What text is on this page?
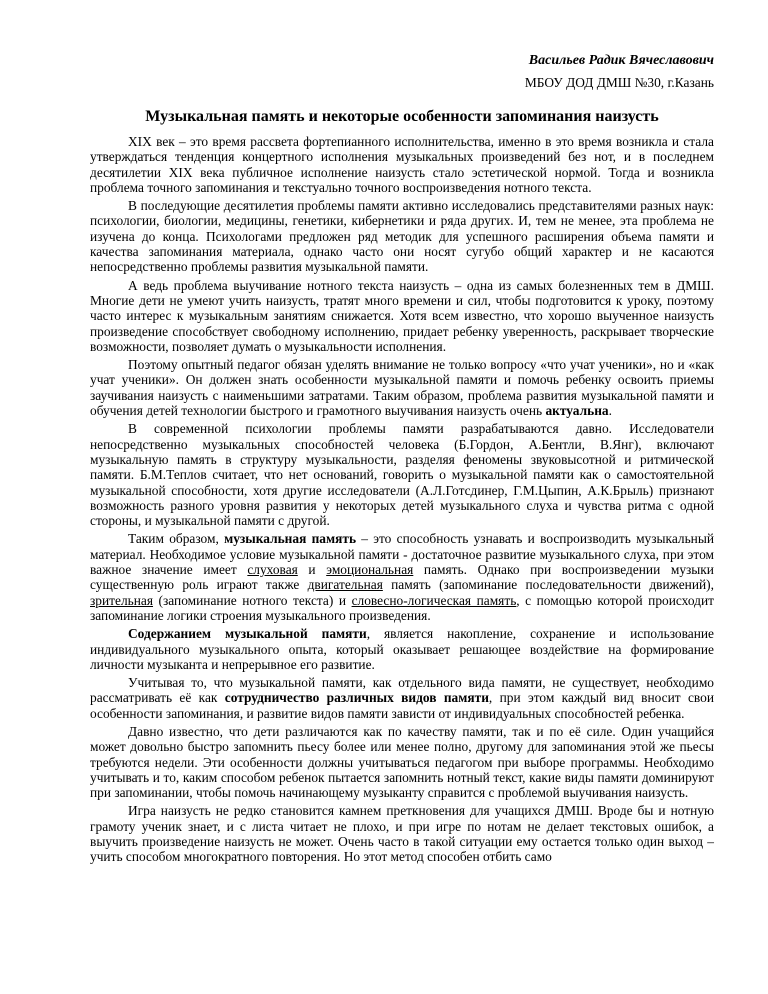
Васильев Радик Вячеславович

МБОУ ДОД ДМШ №30, г.Казань

Музыкальная память и некоторые особенности запоминания наизусть

XIX век – это время рассвета фортепианного исполнительства, именно в это время возникла и стала утверждаться тенденция концертного исполнения музыкальных произведений без нот, и в последнем десятилетии XIX века публичное исполнение наизусть стало эстетической нормой. Тогда и возникла проблема точного запоминания и текстуально точного воспроизведения нотного текста.

В последующие десятилетия проблемы памяти активно исследовались представителями разных наук: психологии, биологии, медицины, генетики, кибернетики и ряда других. И, тем не менее, эта проблема не изучена до конца. Психологами предложен ряд методик для успешного расширения объема памяти и качества запоминания материала, однако часто они носят сугубо общий характер и не касаются непосредственно проблемы развития музыкальной памяти.

А ведь проблема выучивание нотного текста наизусть – одна из самых болезненных тем в ДМШ. Многие дети не умеют учить наизусть, тратят много времени и сил, чтобы подготовится к уроку, поэтому часто интерес к музыкальным занятиям снижается. Хотя всем известно, что хорошо выученное наизусть произведение способствует свободному исполнению, придает ребенку уверенность, раскрывает творческие возможности, позволяет думать о музыкальности исполнения.

Поэтому опытный педагог обязан уделять внимание не только вопросу «что учат ученики», но и «как учат ученики». Он должен знать особенности музыкальной памяти и помочь ребенку освоить приемы заучивания наизусть с наименьшими затратами. Таким образом, проблема развития музыкальной памяти и обучения детей технологии быстрого и грамотного выучивания наизусть очень актуальна.

В современной психологии проблемы памяти разрабатываются давно. Исследователи непосредственно музыкальных способностей человека (Б.Гордон, А.Бентли, В.Янг), включают музыкальную память в структуру музыкальности, разделяя феномены звуковысотной и ритмической памяти. Б.М.Теплов считает, что нет оснований, говорить о музыкальной памяти как о самостоятельной музыкальной способности, хотя другие исследователи (А.Л.Готсдинер, Г.М.Цыпин, А.К.Брыль) признают возможность разного уровня развития у некоторых детей музыкального слуха и чувства ритма с одной стороны, и музыкальной памяти с другой.

Таким образом, музыкальная память – это способность узнавать и воспроизводить музыкальный материал. Необходимое условие музыкальной памяти - достаточное развитие музыкального слуха, при этом важное значение имеет слуховая и эмоциональная память. Однако при воспроизведении музыки существенную роль играют также двигательная память (запоминание последовательности движений), зрительная (запоминание нотного текста) и словесно-логическая память, с помощью которой происходит запоминание логики строения музыкального произведения.

Содержанием музыкальной памяти, является накопление, сохранение и использование индивидуального музыкального опыта, который оказывает решающее воздействие на формирование личности музыканта и непрерывное его развитие.

Учитывая то, что музыкальной памяти, как отдельного вида памяти, не существует, необходимо рассматривать её как сотрудничество различных видов памяти, при этом каждый вид вносит свои особенности запоминания, и развитие видов памяти зависти от индивидуальных способностей ребенка.

Давно известно, что дети различаются как по качеству памяти, так и по её силе. Один учащийся может довольно быстро запомнить пьесу более или менее полно, другому для запоминания этой же пьесы требуются недели. Эти особенности должны учитываться педагогом при выборе программы. Необходимо учитывать и то, каким способом ребенок пытается запомнить нотный текст, какие виды памяти доминируют при запоминании, чтобы помочь начинающему музыканту справится с проблемой выучивания наизусть.

Игра наизусть не редко становится камнем преткновения для учащихся ДМШ. Вроде бы и нотную грамоту ученик знает, и с листа читает не плохо, и при игре по нотам не делает текстовых ошибок, а выучить произведение наизусть не может. Очень часто в такой ситуации ему остается только один выход – учить способом многократного повторения. Но этот метод способен отбить само
